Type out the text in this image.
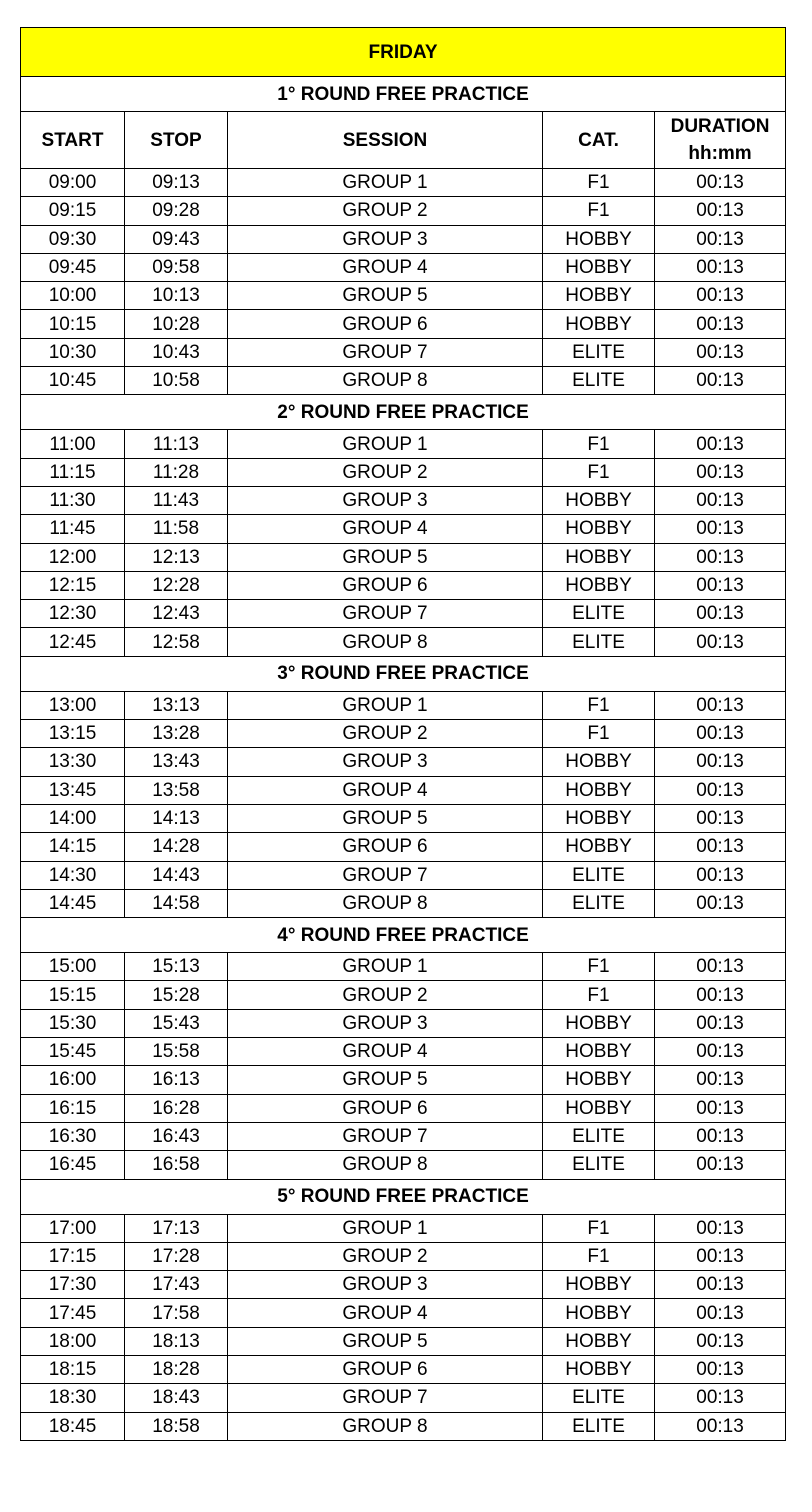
FRIDAY				
1° ROUND FREE PRACTICE				
START	STOP	SESSION	CAT.	DURATION
hh:mm

09:00	09:13	GROUP 1	F1	00:13
09:15	09:28	GROUP 2	F1	00:13
09:30	09:43	GROUP 3	HOBBY	00:13
09:45	09:58	GROUP 4	HOBBY	00:13
10:00	10:13	GROUP 5	HOBBY	00:13
10:15	10:28	GROUP 6	HOBBY	00:13
10:30	10:43	GROUP 7	ELITE	00:13
10:45	10:58	GROUP 8	ELITE	00:13
2° ROUND FREE PRACTICE				
11:00	11:13	GROUP 1	F1	00:13
11:15	11:28	GROUP 2	F1	00:13
11:30	11:43	GROUP 3	HOBBY	00:13
11:45	11:58	GROUP 4	HOBBY	00:13
12:00	12:13	GROUP 5	HOBBY	00:13
12:15	12:28	GROUP 6	HOBBY	00:13
12:30	12:43	GROUP 7	ELITE	00:13
12:45	12:58	GROUP 8	ELITE	00:13
3° ROUND FREE PRACTICE				
13:00	13:13	GROUP 1	F1	00:13
13:15	13:28	GROUP 2	F1	00:13
13:30	13:43	GROUP 3	HOBBY	00:13
13:45	13:58	GROUP 4	HOBBY	00:13
14:00	14:13	GROUP 5	HOBBY	00:13
14:15	14:28	GROUP 6	HOBBY	00:13
14:30	14:43	GROUP 7	ELITE	00:13
14:45	14:58	GROUP 8	ELITE	00:13
4° ROUND FREE PRACTICE				
15:00	15:13	GROUP 1	F1	00:13
15:15	15:28	GROUP 2	F1	00:13
15:30	15:43	GROUP 3	HOBBY	00:13
15:45	15:58	GROUP 4	HOBBY	00:13
16:00	16:13	GROUP 5	HOBBY	00:13
16:15	16:28	GROUP 6	HOBBY	00:13
16:30	16:43	GROUP 7	ELITE	00:13
16:45	16:58	GROUP 8	ELITE	00:13
5° ROUND FREE PRACTICE				
17:00	17:13	GROUP 1	F1	00:13
17:15	17:28	GROUP 2	F1	00:13
17:30	17:43	GROUP 3	HOBBY	00:13
17:45	17:58	GROUP 4	HOBBY	00:13
18:00	18:13	GROUP 5	HOBBY	00:13
18:15	18:28	GROUP 6	HOBBY	00:13
18:30	18:43	GROUP 7	ELITE	00:13
18:45	18:58	GROUP 8	ELITE	00:13
